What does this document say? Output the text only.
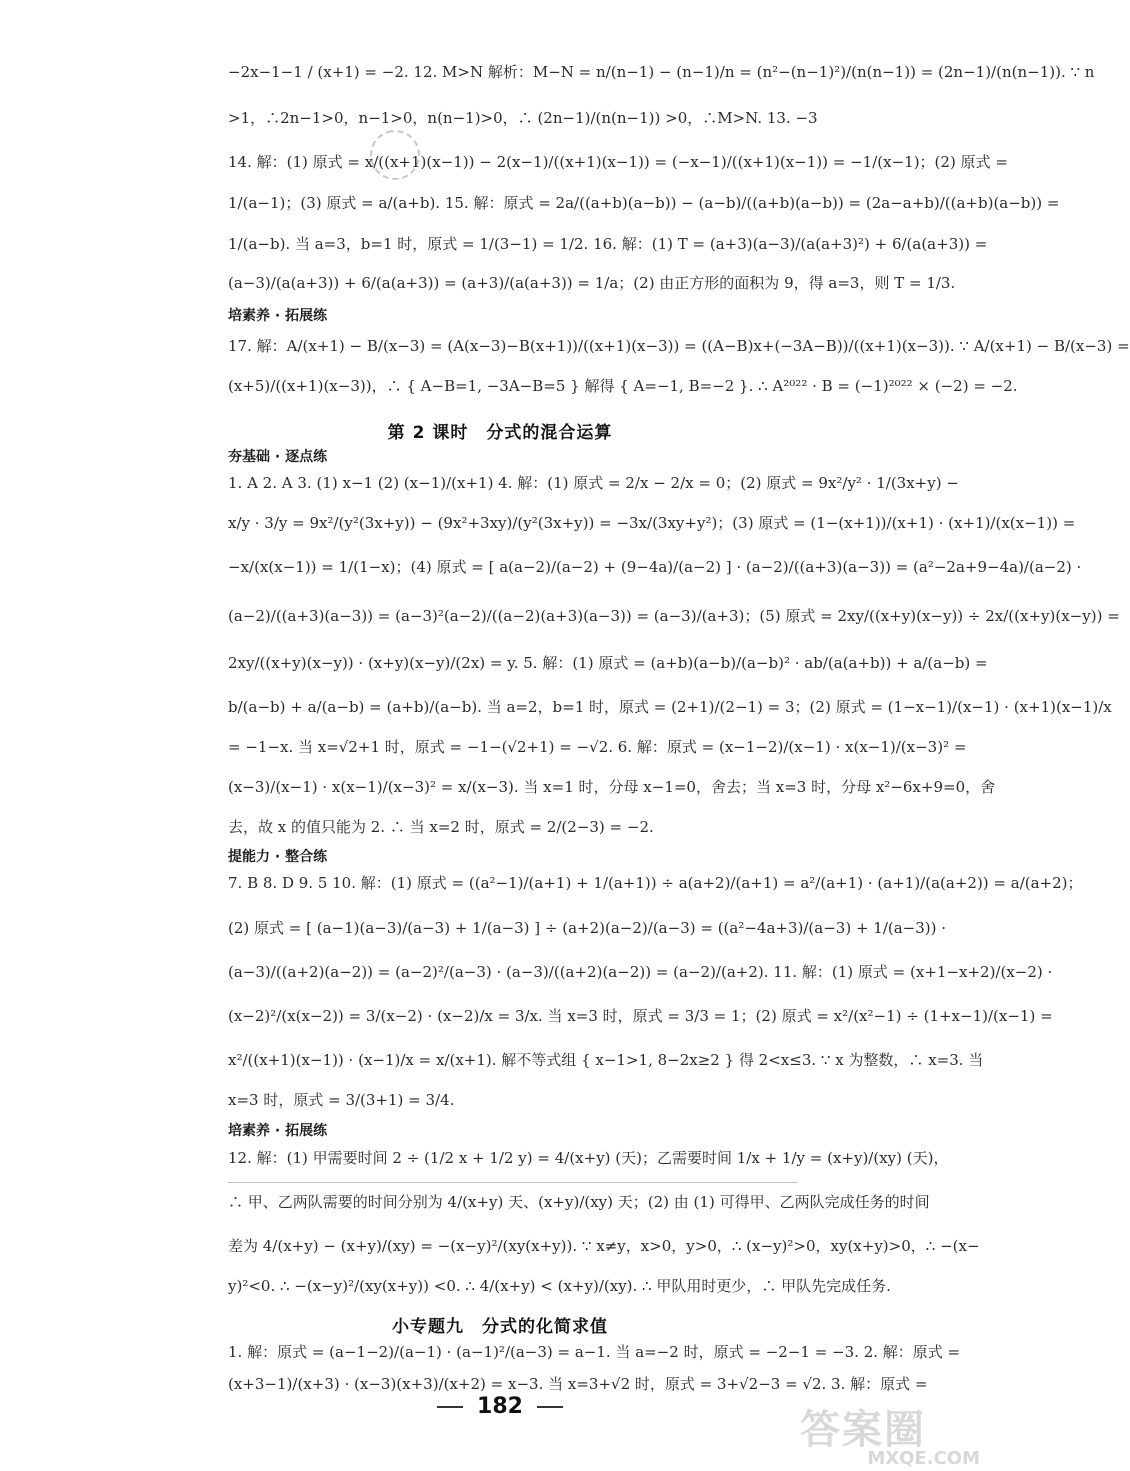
−2x−1−1 / (x+1) = −2. 12. M>N 解析：M−N = n/(n−1) − (n−1)/n = (n²−(n−1)²)/(n(n−1)) = (2n−1)/(n(n−1)). ∵ n
>1，∴2n−1>0，n−1>0，n(n−1)>0，∴ (2n−1)/(n(n−1)) >0，∴M>N. 13. −3
14. 解：(1) 原式 = x/((x+1)(x−1)) − 2(x−1)/((x+1)(x−1)) = (−x−1)/((x+1)(x−1)) = −1/(x−1)；(2) 原式 =
1/(a−1)；(3) 原式 = a/(a+b). 15. 解：原式 = 2a/((a+b)(a−b)) − (a−b)/((a+b)(a−b)) = (2a−a+b)/((a+b)(a−b)) =
1/(a−b). 当 a=3，b=1 时，原式 = 1/(3−1) = 1/2. 16. 解：(1) T = (a+3)(a−3)/(a(a+3)²) + 6/(a(a+3)) =
(a−3)/(a(a+3)) + 6/(a(a+3)) = (a+3)/(a(a+3)) = 1/a；(2) 由正方形的面积为 9，得 a=3，则 T = 1/3.
培素养 · 拓展练
17. 解：A/(x+1) − B/(x−3) = (A(x−3)−B(x+1))/((x+1)(x−3)) = ((A−B)x+(−3A−B))/((x+1)(x−3)). ∵ A/(x+1) − B/(x−3) =
(x+5)/((x+1)(x−3))，∴ { A−B=1, −3A−B=5 } 解得 { A=−1, B=−2 }. ∴ A²⁰²² · B = (−1)²⁰²² × (−2) = −2.
第 2 课时　分式的混合运算
夯基础 · 逐点练
1. A 2. A 3. (1) x−1 (2) (x−1)/(x+1) 4. 解：(1) 原式 = 2/x − 2/x = 0；(2) 原式 = 9x²/y² · 1/(3x+y) −
x/y · 3/y = 9x²/(y²(3x+y)) − (9x²+3xy)/(y²(3x+y)) = −3x/(3xy+y²)；(3) 原式 = (1−(x+1))/(x+1) · (x+1)/(x(x−1)) =
−x/(x(x−1)) = 1/(1−x)；(4) 原式 = [ a(a−2)/(a−2) + (9−4a)/(a−2) ] · (a−2)/((a+3)(a−3)) = (a²−2a+9−4a)/(a−2) ·
(a−2)/((a+3)(a−3)) = (a−3)²(a−2)/((a−2)(a+3)(a−3)) = (a−3)/(a+3)；(5) 原式 = 2xy/((x+y)(x−y)) ÷ 2x/((x+y)(x−y)) =
2xy/((x+y)(x−y)) · (x+y)(x−y)/(2x) = y. 5. 解：(1) 原式 = (a+b)(a−b)/(a−b)² · ab/(a(a+b)) + a/(a−b) =
b/(a−b) + a/(a−b) = (a+b)/(a−b). 当 a=2，b=1 时，原式 = (2+1)/(2−1) = 3；(2) 原式 = (1−x−1)/(x−1) · (x+1)(x−1)/x
= −1−x. 当 x=√2+1 时，原式 = −1−(√2+1) = −√2. 6. 解：原式 = (x−1−2)/(x−1) · x(x−1)/(x−3)² =
(x−3)/(x−1) · x(x−1)/(x−3)² = x/(x−3). 当 x=1 时，分母 x−1=0，舍去；当 x=3 时，分母 x²−6x+9=0，舍
去，故 x 的值只能为 2. ∴ 当 x=2 时，原式 = 2/(2−3) = −2.
提能力 · 整合练
7. B 8. D 9. 5 10. 解：(1) 原式 = ((a²−1)/(a+1) + 1/(a+1)) ÷ a(a+2)/(a+1) = a²/(a+1) · (a+1)/(a(a+2)) = a/(a+2)；
(2) 原式 = [ (a−1)(a−3)/(a−3) + 1/(a−3) ] ÷ (a+2)(a−2)/(a−3) = ((a²−4a+3)/(a−3) + 1/(a−3)) ·
(a−3)/((a+2)(a−2)) = (a−2)²/(a−3) · (a−3)/((a+2)(a−2)) = (a−2)/(a+2). 11. 解：(1) 原式 = (x+1−x+2)/(x−2) ·
(x−2)²/(x(x−2)) = 3/(x−2) · (x−2)/x = 3/x. 当 x=3 时，原式 = 3/3 = 1；(2) 原式 = x²/(x²−1) ÷ (1+x−1)/(x−1) =
x²/((x+1)(x−1)) · (x−1)/x = x/(x+1). 解不等式组 { x−1>1, 8−2x≥2 } 得 2<x≤3. ∵ x 为整数，∴ x=3. 当
x=3 时，原式 = 3/(3+1) = 3/4.
培素养 · 拓展练
12. 解：(1) 甲需要时间 2 ÷ (1/2 x + 1/2 y) = 4/(x+y) (天)；乙需要时间 1/x + 1/y = (x+y)/(xy) (天)，
∴ 甲、乙两队需要的时间分别为 4/(x+y) 天、(x+y)/(xy) 天；(2) 由 (1) 可得甲、乙两队完成任务的时间
差为 4/(x+y) − (x+y)/(xy) = −(x−y)²/(xy(x+y)). ∵ x≠y，x>0，y>0，∴ (x−y)²>0，xy(x+y)>0，∴ −(x−
y)²<0. ∴ −(x−y)²/(xy(x+y)) <0. ∴ 4/(x+y) < (x+y)/(xy). ∴ 甲队用时更少，∴ 甲队先完成任务.
小专题九　分式的化简求值
1. 解：原式 = (a−1−2)/(a−1) · (a−1)²/(a−3) = a−1. 当 a=−2 时，原式 = −2−1 = −3. 2. 解：原式 =
(x+3−1)/(x+3) · (x−3)(x+3)/(x+2) = x−3. 当 x=3+√2 时，原式 = 3+√2−3 = √2. 3. 解：原式 =
182
答案圈
MXQE.COM
